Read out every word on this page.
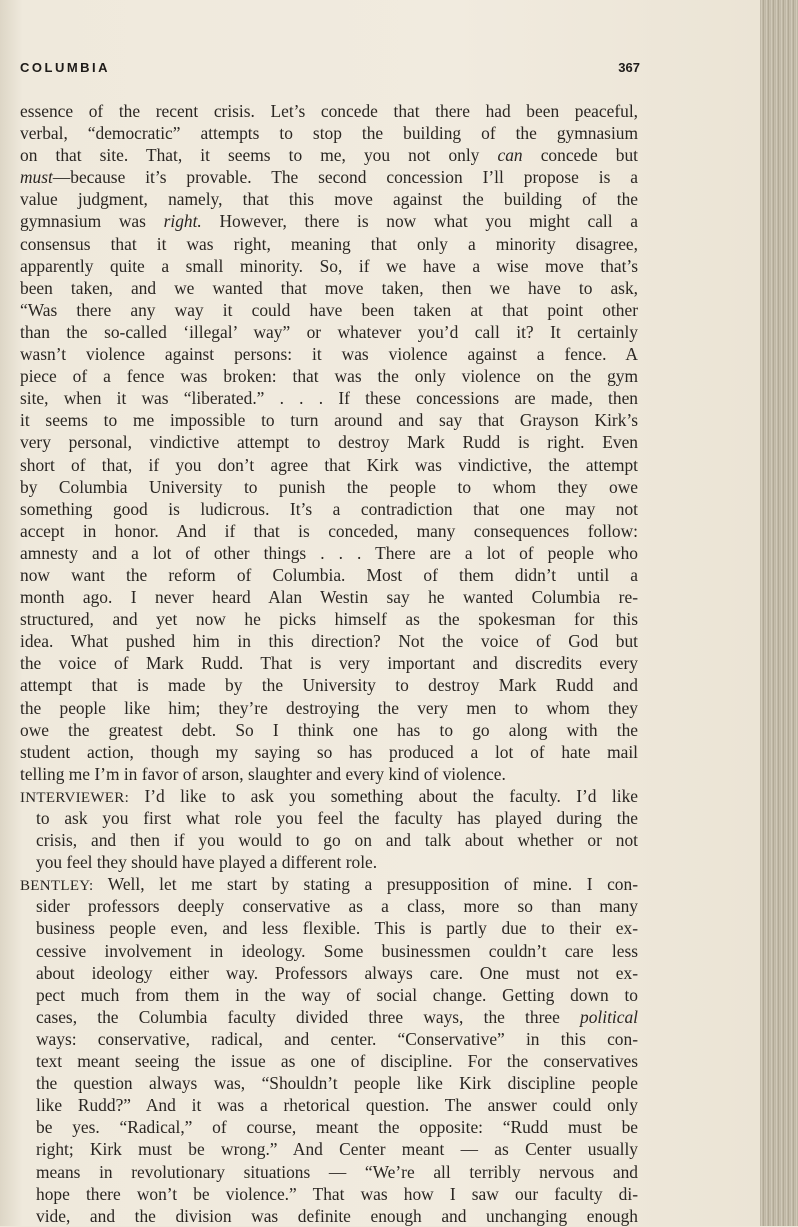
COLUMBIA	367
essence of the recent crisis. Let’s concede that there had been peaceful,
verbal, “democratic” attempts to stop the building of the gymnasium
on that site. That, it seems to me, you not only can concede but
must—because it’s provable. The second concession I’ll propose is a
value judgment, namely, that this move against the building of the
gymnasium was right. However, there is now what you might call a
consensus that it was right, meaning that only a minority disagree,
apparently quite a small minority. So, if we have a wise move that’s
been taken, and we wanted that move taken, then we have to ask,
“Was there any way it could have been taken at that point other
than the so-called ‘illegal’ way” or whatever you’d call it? It certainly
wasn’t violence against persons: it was violence against a fence. A
piece of a fence was broken: that was the only violence on the gym
site, when it was “liberated.” . . . If these concessions are made, then
it seems to me impossible to turn around and say that Grayson Kirk’s
very personal, vindictive attempt to destroy Mark Rudd is right. Even
short of that, if you don’t agree that Kirk was vindictive, the attempt
by Columbia University to punish the people to whom they owe
something good is ludicrous. It’s a contradiction that one may not
accept in honor. And if that is conceded, many consequences follow:
amnesty and a lot of other things . . . There are a lot of people who
now want the reform of Columbia. Most of them didn’t until a
month ago. I never heard Alan Westin say he wanted Columbia re-
structured, and yet now he picks himself as the spokesman for this
idea. What pushed him in this direction? Not the voice of God but
the voice of Mark Rudd. That is very important and discredits every
attempt that is made by the University to destroy Mark Rudd and
the people like him; they’re destroying the very men to whom they
owe the greatest debt. So I think one has to go along with the
student action, though my saying so has produced a lot of hate mail
telling me I’m in favor of arson, slaughter and every kind of violence.
INTERVIEWER: I’d like to ask you something about the faculty. I’d like
to ask you first what role you feel the faculty has played during the
crisis, and then if you would to go on and talk about whether or not
you feel they should have played a different role.
BENTLEY: Well, let me start by stating a presupposition of mine. I con-
sider professors deeply conservative as a class, more so than many
business people even, and less flexible. This is partly due to their ex-
cessive involvement in ideology. Some businessmen couldn’t care less
about ideology either way. Professors always care. One must not ex-
pect much from them in the way of social change. Getting down to
cases, the Columbia faculty divided three ways, the three political
ways: conservative, radical, and center. “Conservative” in this con-
text meant seeing the issue as one of discipline. For the conservatives
the question always was, “Shouldn’t people like Kirk discipline people
like Rudd?” And it was a rhetorical question. The answer could only
be yes. “Radical,” of course, meant the opposite: “Rudd must be
right; Kirk must be wrong.” And Center meant — as Center usually
means in revolutionary situations — “We’re all terribly nervous and
hope there won’t be violence.” That was how I saw our faculty di-
vide, and the division was definite enough and unchanging enough
